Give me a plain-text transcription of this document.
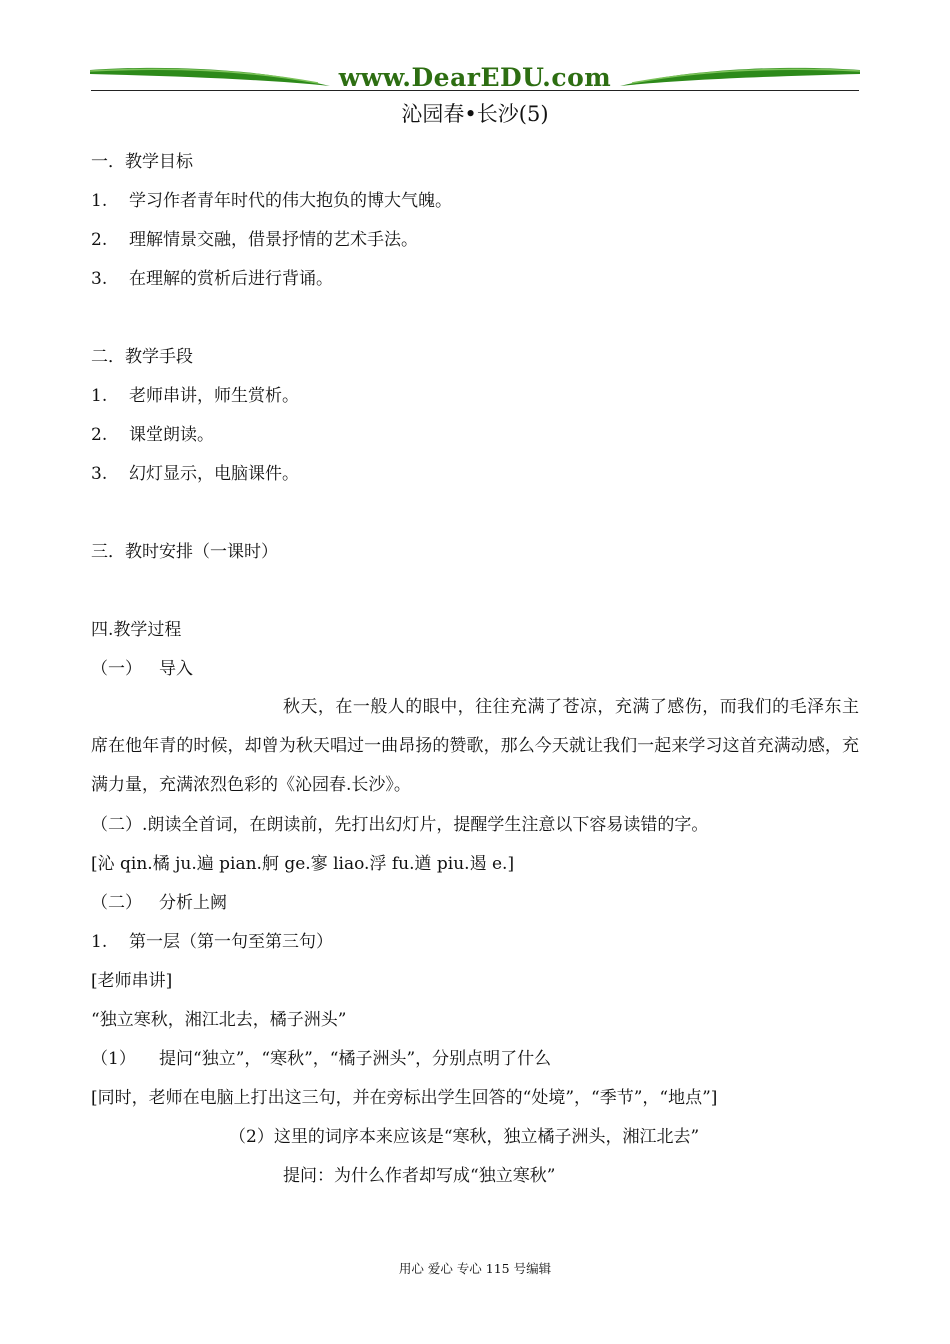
www.DearEDU.com
沁园春•长沙(5)
一．教学目标
1. 学习作者青年时代的伟大抱负的博大气魄。
2. 理解情景交融，借景抒情的艺术手法。
3. 在理解的赏析后进行背诵。
二．教学手段
1. 老师串讲，师生赏析。
2. 课堂朗读。
3. 幻灯显示，电脑课件。
三．教时安排（一课时）
四.教学过程
（一） 导入
秋天，在一般人的眼中，往往充满了苍凉，充满了感伤，而我们的毛泽东主席在他年青的时候，却曾为秋天唱过一曲昂扬的赞歌，那么今天就让我们一起来学习这首充满动感，充满力量，充满浓烈色彩的《沁园春.长沙》。
（二）.朗读全首词，在朗读前，先打出幻灯片，提醒学生注意以下容易读错的字。
[沁 qin.橘 ju.遍 pian.舸 ge.寥 liao.浮 fu.遒 piu.遏 e.]
（二） 分析上阙
1. 第一层（第一句至第三句）
[老师串讲]
“独立寒秋，湘江北去，橘子洲头”
（1） 提问“独立”，“寒秋”，“橘子洲头”，分别点明了什么
[同时，老师在电脑上打出这三句，并在旁标出学生回答的“处境”，“季节”，“地点”]
（2）这里的词序本来应该是“寒秋，独立橘子洲头，湘江北去”
提问：为什么作者却写成“独立寒秋”
用心 爱心 专心 115 号编辑
